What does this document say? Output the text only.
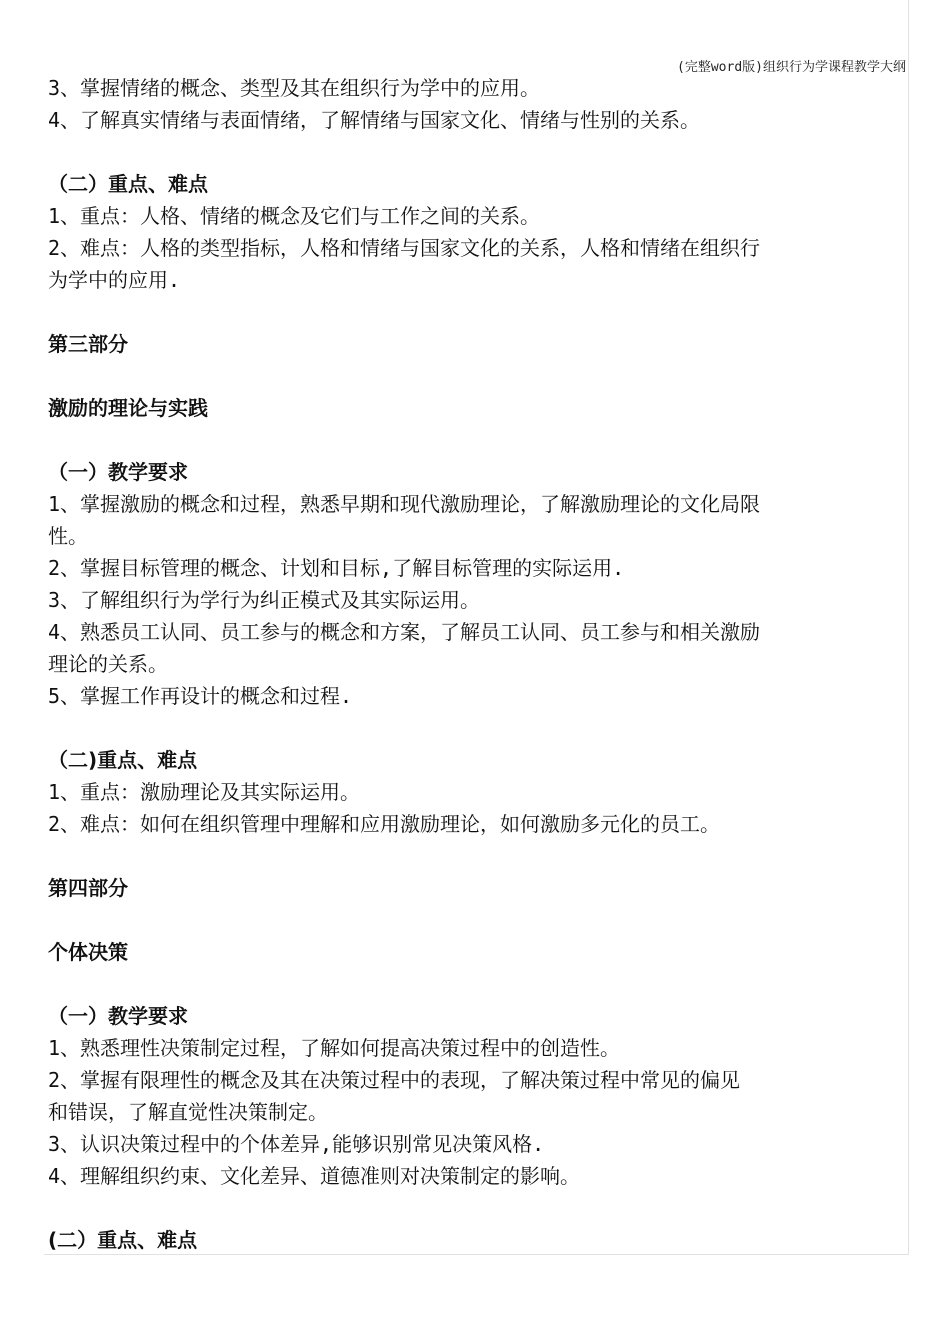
(完整word版)组织行为学课程教学大纲
3、掌握情绪的概念、类型及其在组织行为学中的应用。
4、了解真实情绪与表面情绪，了解情绪与国家文化、情绪与性别的关系。
（二）重点、难点
1、重点：人格、情绪的概念及它们与工作之间的关系。
2、难点：人格的类型指标，人格和情绪与国家文化的关系，人格和情绪在组织行
为学中的应用.
第三部分
激励的理论与实践
（一）教学要求
1、掌握激励的概念和过程，熟悉早期和现代激励理论，了解激励理论的文化局限
性。
2、掌握目标管理的概念、计划和目标,了解目标管理的实际运用.
3、了解组织行为学行为纠正模式及其实际运用。
4、熟悉员工认同、员工参与的概念和方案，了解员工认同、员工参与和相关激励
理论的关系。
5、掌握工作再设计的概念和过程.
（二)重点、难点
1、重点：激励理论及其实际运用。
2、难点：如何在组织管理中理解和应用激励理论，如何激励多元化的员工。
第四部分
个体决策
（一）教学要求
1、熟悉理性决策制定过程，了解如何提高决策过程中的创造性。
2、掌握有限理性的概念及其在决策过程中的表现，了解决策过程中常见的偏见
和错误，了解直觉性决策制定。
3、认识决策过程中的个体差异,能够识别常见决策风格.
4、理解组织约束、文化差异、道德准则对决策制定的影响。
(二）重点、难点
